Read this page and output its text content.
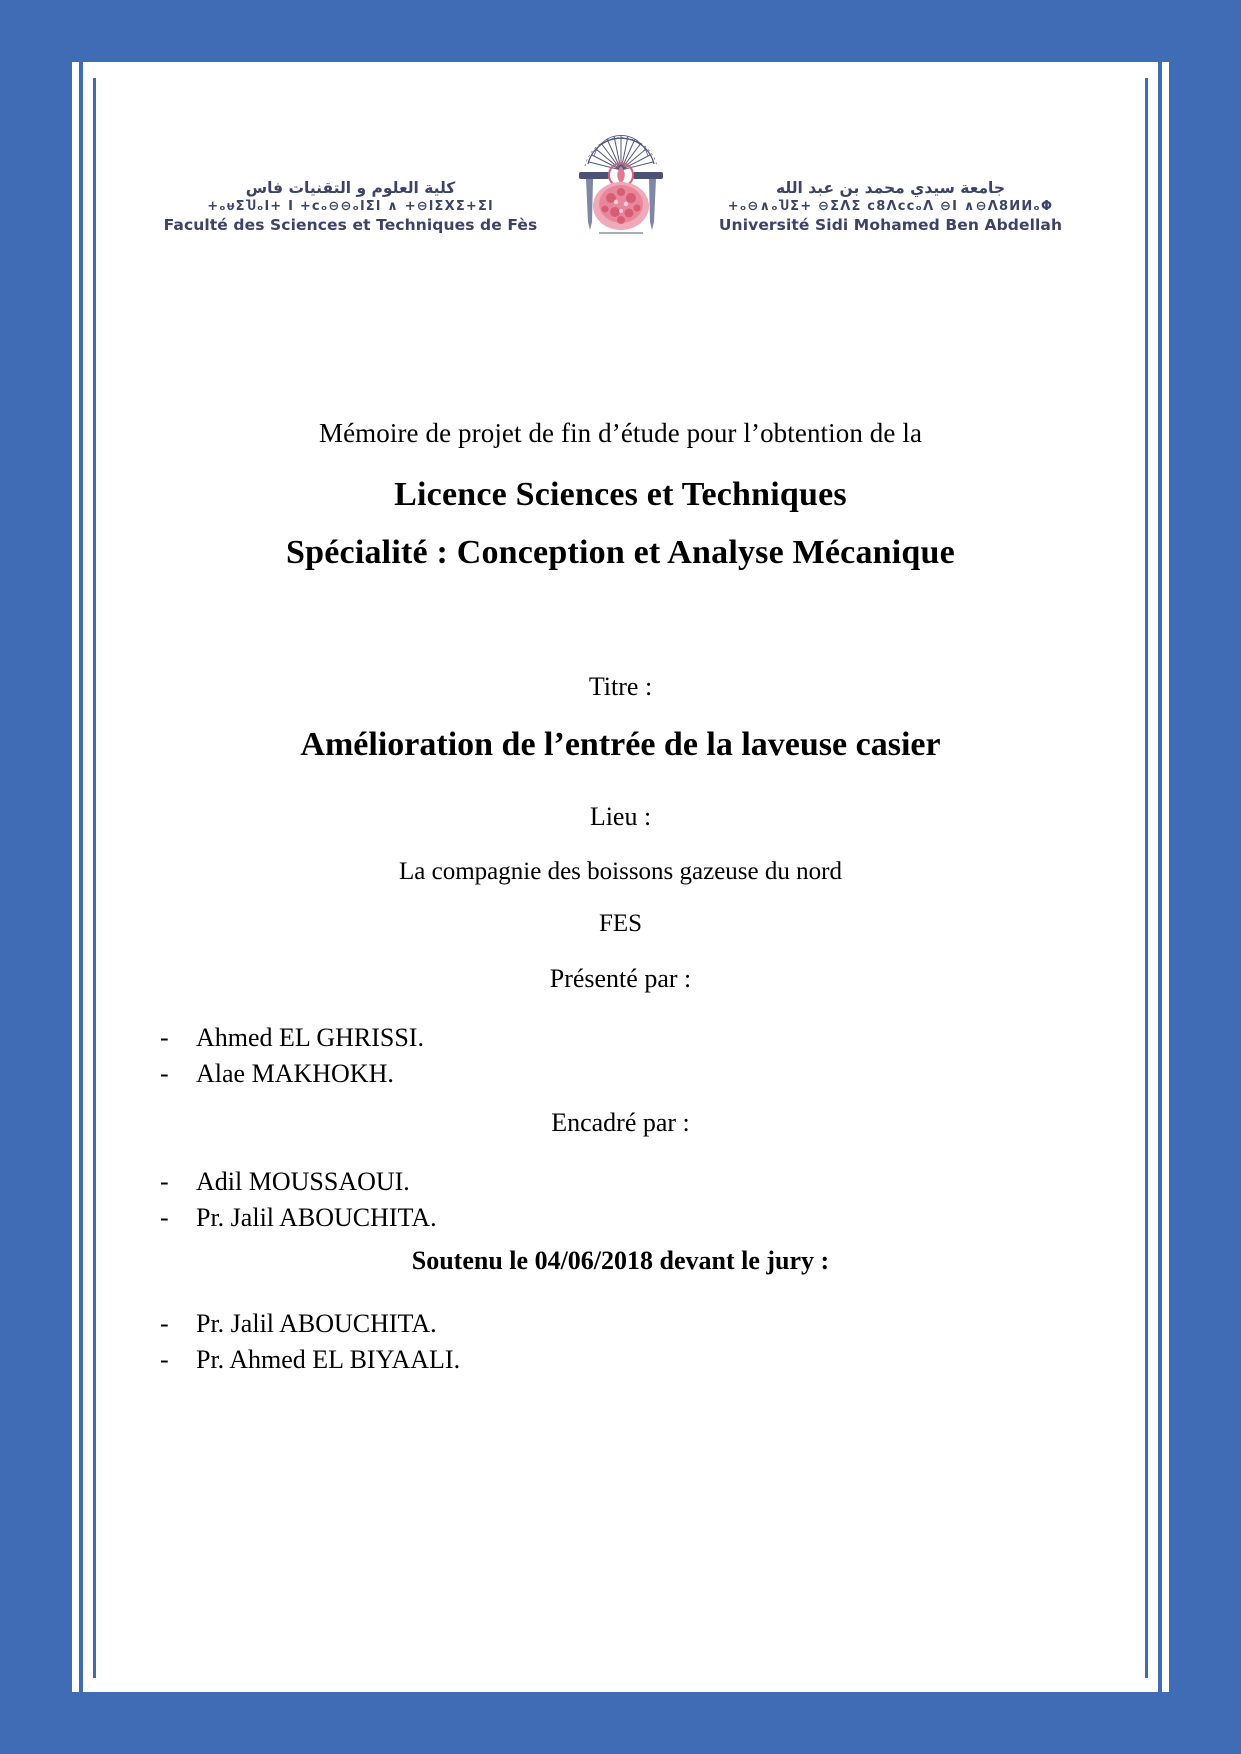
كلية العلوم و التقنيات فاس
+ₒᵾΣႮₒl+ I +ᴄₒ⊖⊖ₒlΣl ∧ +⊖lΣXΣ+Σl
Faculté des Sciences et Techniques de Fès
جامعة سيدي محمد بن عبد الله
+ₒ⊖∧ₒႮΣ+ ⊖ΣΛΣ ᴄ8ΛᴄᴄₒΛ ⊖I ∧⊖Λ8ИИₒΦ
Université Sidi Mohamed Ben Abdellah

Mémoire de projet de fin d’étude pour l’obtention de la

Licence Sciences et Techniques

Spécialité : Conception et Analyse Mécanique

Titre :

Amélioration de l’entrée de la laveuse casier

Lieu :

La compagnie des boissons gazeuse du nord

FES

Présenté par :

-	Ahmed EL GHRISSI.
-	Alae MAKHOKH.

Encadré par :

-	Adil MOUSSAOUI.
-	Pr. Jalil ABOUCHITA.

Soutenu le 04/06/2018 devant le jury :

-	Pr. Jalil ABOUCHITA.
-	Pr. Ahmed EL BIYAALI.
